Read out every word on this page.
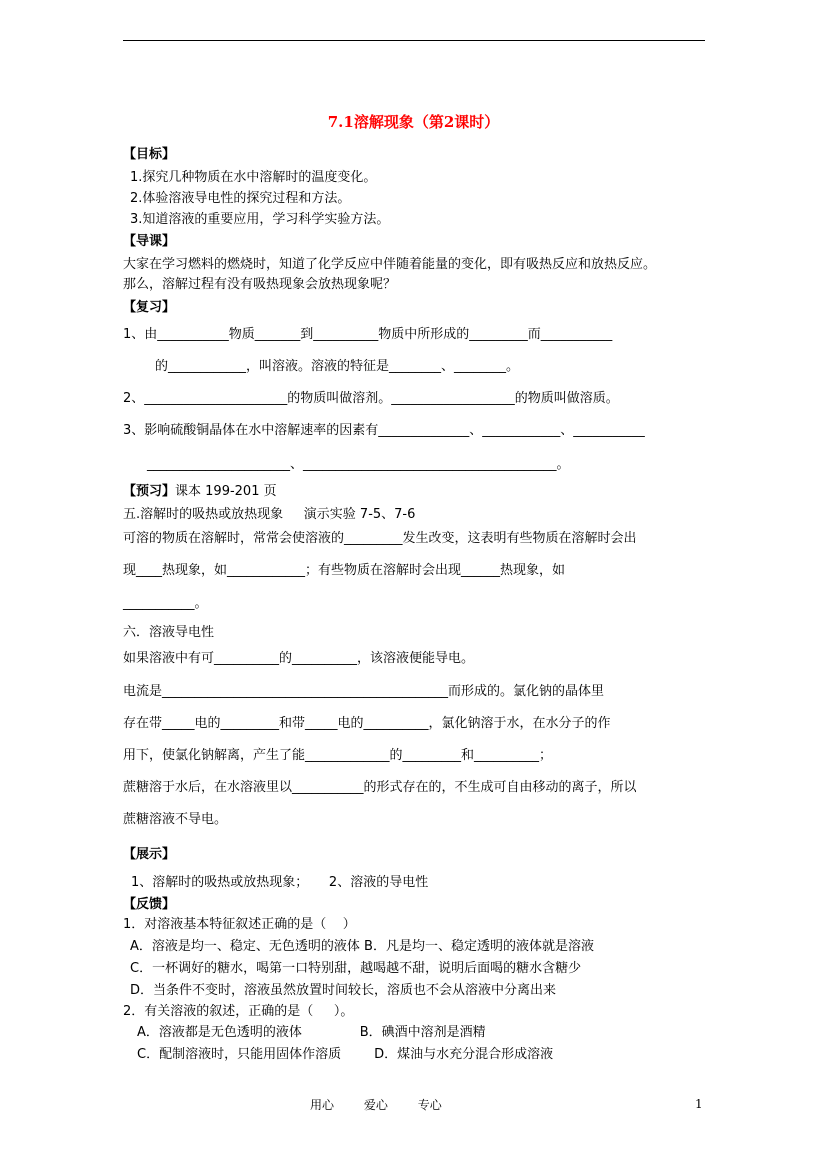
7.1溶解现象（第2课时）
【目标】
1.探究几种物质在水中溶解时的温度变化。
2.体验溶液导电性的探究过程和方法。
3.知道溶液的重要应用，学习科学实验方法。
【导课】
大家在学习燃料的燃烧时，知道了化学反应中伴随着能量的变化，即有吸热反应和放热反应。
那么，溶解过程有没有吸热现象会放热现象呢？
【复习】
1、由___________物质_______到__________物质中所形成的_________而___________
的____________，叫溶液。溶液的特征是________、________。
2、______________________的物质叫做溶剂。___________________的物质叫做溶质。
3、影响硫酸铜晶体在水中溶解速率的因素有______________、____________、___________
______________________、_______________________________________。
【预习】课本 199-201 页
五.溶解时的吸热或放热现象     演示实验 7-5、7-6
可溶的物质在溶解时，常常会使溶液的_________发生改变，这表明有些物质在溶解时会出
现____热现象，如____________；有些物质在溶解时会出现______热现象，如
___________。
六．溶液导电性
如果溶液中有可__________的__________，该溶液便能导电。
电流是____________________________________________而形成的。氯化钠的晶体里
存在带_____电的_________和带_____电的__________，氯化钠溶于水，在水分子的作
用下，使氯化钠解离，产生了能_____________的_________和__________；
蔗糖溶于水后，在水溶液里以___________的形式存在的，不生成可自由移动的离子，所以
蔗糖溶液不导电。
【展示】
1、溶解时的吸热或放热现象；     2、溶液的导电性
【反馈】
1．对溶液基本特征叙述正确的是（    ）
A．溶液是均一、稳定、无色透明的液体 B．凡是均一、稳定透明的液体就是溶液
C．一杯调好的糖水，喝第一口特别甜，越喝越不甜，说明后面喝的糖水含糖少
D．当条件不变时，溶液虽然放置时间较长，溶质也不会从溶液中分离出来
2．有关溶液的叙述，正确的是（     ）。
A．溶液都是无色透明的液体              B．碘酒中溶剂是酒精
C．配制溶液时，只能用固体作溶质        D．煤油与水充分混合形成溶液
用心 爱心 专心	1
